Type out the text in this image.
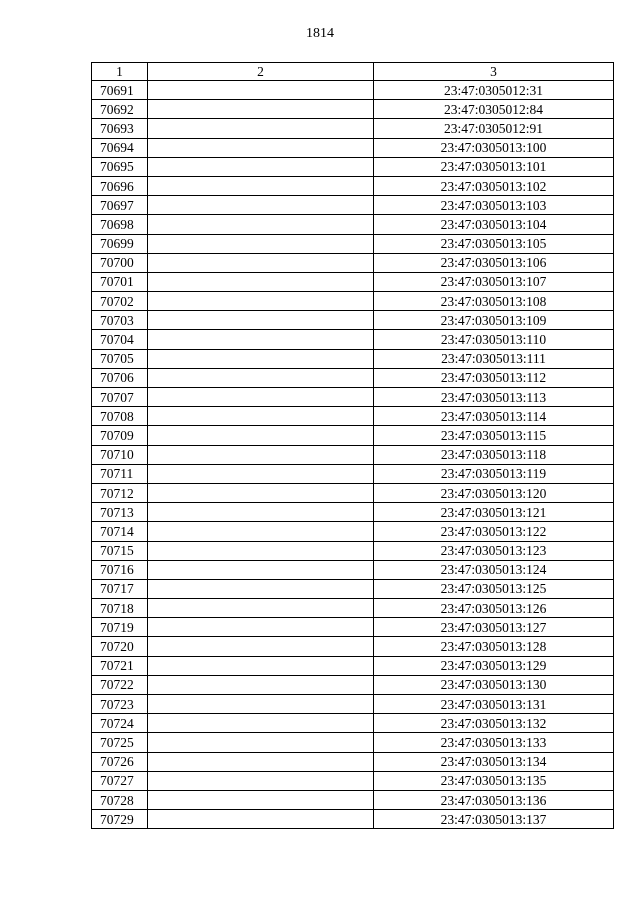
1814
1	2	3
70691		23:47:0305012:31
70692		23:47:0305012:84
70693		23:47:0305012:91
70694		23:47:0305013:100
70695		23:47:0305013:101
70696		23:47:0305013:102
70697		23:47:0305013:103
70698		23:47:0305013:104
70699		23:47:0305013:105
70700		23:47:0305013:106
70701		23:47:0305013:107
70702		23:47:0305013:108
70703		23:47:0305013:109
70704		23:47:0305013:110
70705		23:47:0305013:111
70706		23:47:0305013:112
70707		23:47:0305013:113
70708		23:47:0305013:114
70709		23:47:0305013:115
70710		23:47:0305013:118
70711		23:47:0305013:119
70712		23:47:0305013:120
70713		23:47:0305013:121
70714		23:47:0305013:122
70715		23:47:0305013:123
70716		23:47:0305013:124
70717		23:47:0305013:125
70718		23:47:0305013:126
70719		23:47:0305013:127
70720		23:47:0305013:128
70721		23:47:0305013:129
70722		23:47:0305013:130
70723		23:47:0305013:131
70724		23:47:0305013:132
70725		23:47:0305013:133
70726		23:47:0305013:134
70727		23:47:0305013:135
70728		23:47:0305013:136
70729		23:47:0305013:137
